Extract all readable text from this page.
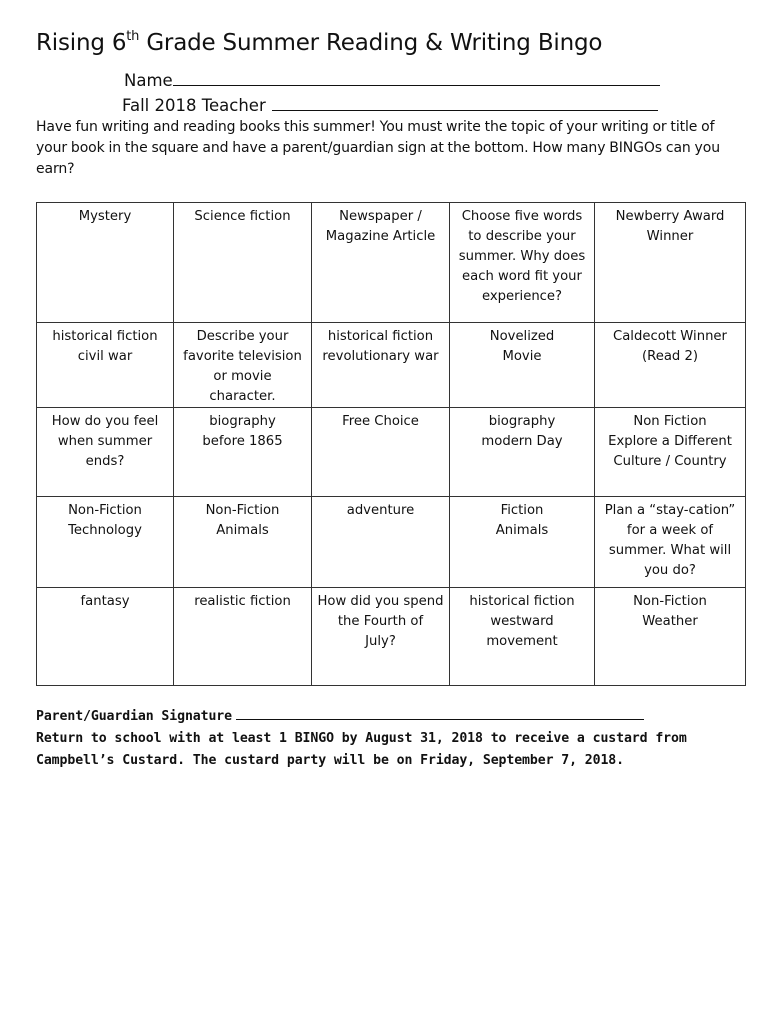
Rising 6th Grade Summer Reading & Writing Bingo
Name
Fall 2018 Teacher
Have fun writing and reading books this summer! You must write the topic of your writing or title of your book in the square and have a parent/guardian sign at the bottom. How many BINGOs can you earn?
Mystery	Science fiction	Newspaper /
Magazine Article	Choose five words
to describe your
summer. Why does
each word fit your
experience?	Newberry Award
Winner

historical fiction
civil war	Describe your
favorite television
or movie
character.	historical fiction
revolutionary war	Novelized
Movie	Caldecott Winner
(Read 2)

How do you feel
when summer
ends?	biography
before 1865	Free Choice	biography
modern Day	Non Fiction
Explore a Different
Culture / Country

Non-Fiction
Technology	Non-Fiction
Animals	adventure	Fiction
Animals	Plan a “stay-cation”
for a week of
summer. What will
you do?

fantasy	realistic fiction	How did you spend
the Fourth of
July?	historical fiction
westward movement	Non-Fiction
Weather

Parent/Guardian Signature

Return to school with at least 1 BINGO by August 31, 2018 to receive a custard from

Campbell’s Custard. The custard party will be on Friday, September 7, 2018.
